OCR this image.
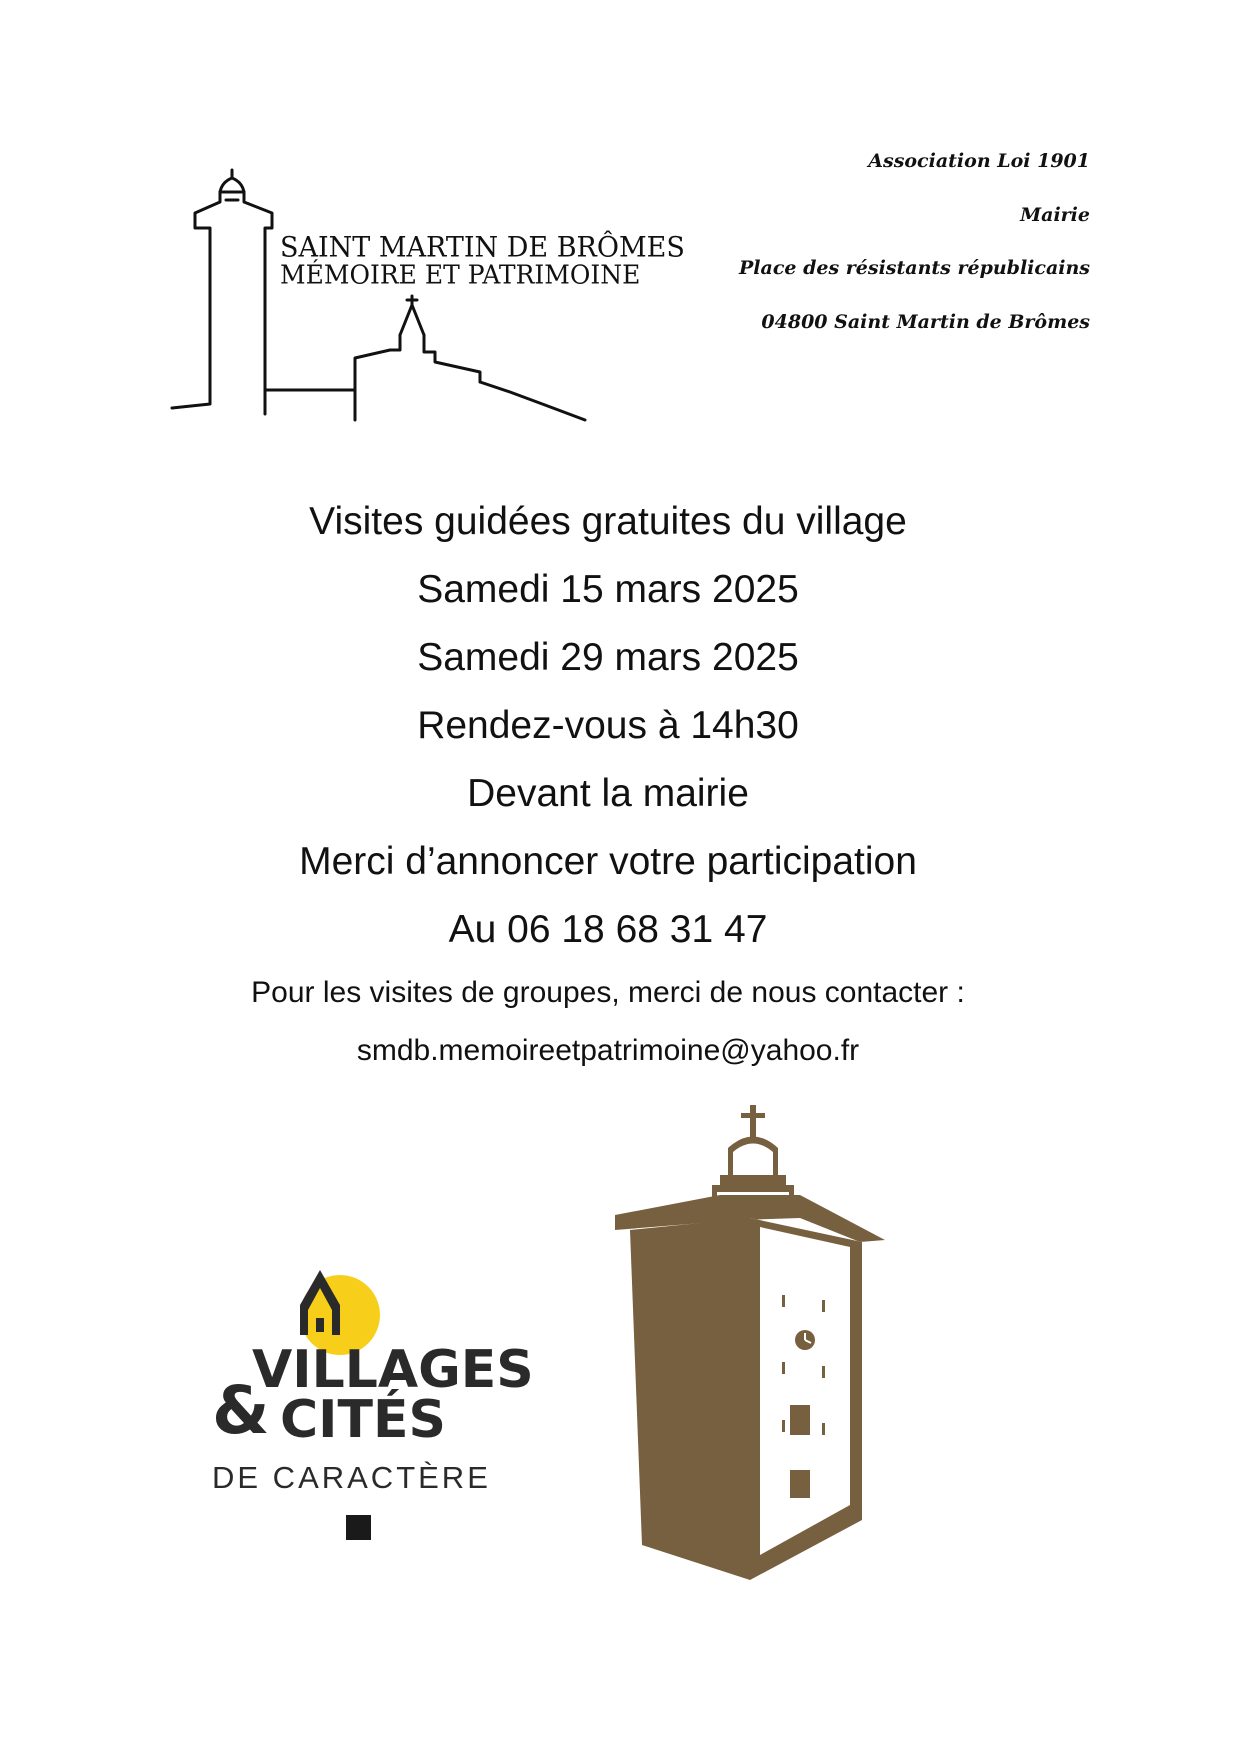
SAINT MARTIN DE BRÔMES
MÉMOIRE ET PATRIMOINE
Association Loi 1901
Mairie
Place des résistants républicains
04800 Saint Martin de Brômes
Visites guidées gratuites du village
Samedi 15 mars 2025
Samedi 29 mars 2025
Rendez-vous à 14h30
Devant la mairie
Merci d’annoncer votre participation
Au 06 18 68 31 47
Pour les visites de groupes, merci de nous contacter :
smdb.memoireetpatrimoine@yahoo.fr
VILLAGES
& CITÉS
DE CARACTÈRE
